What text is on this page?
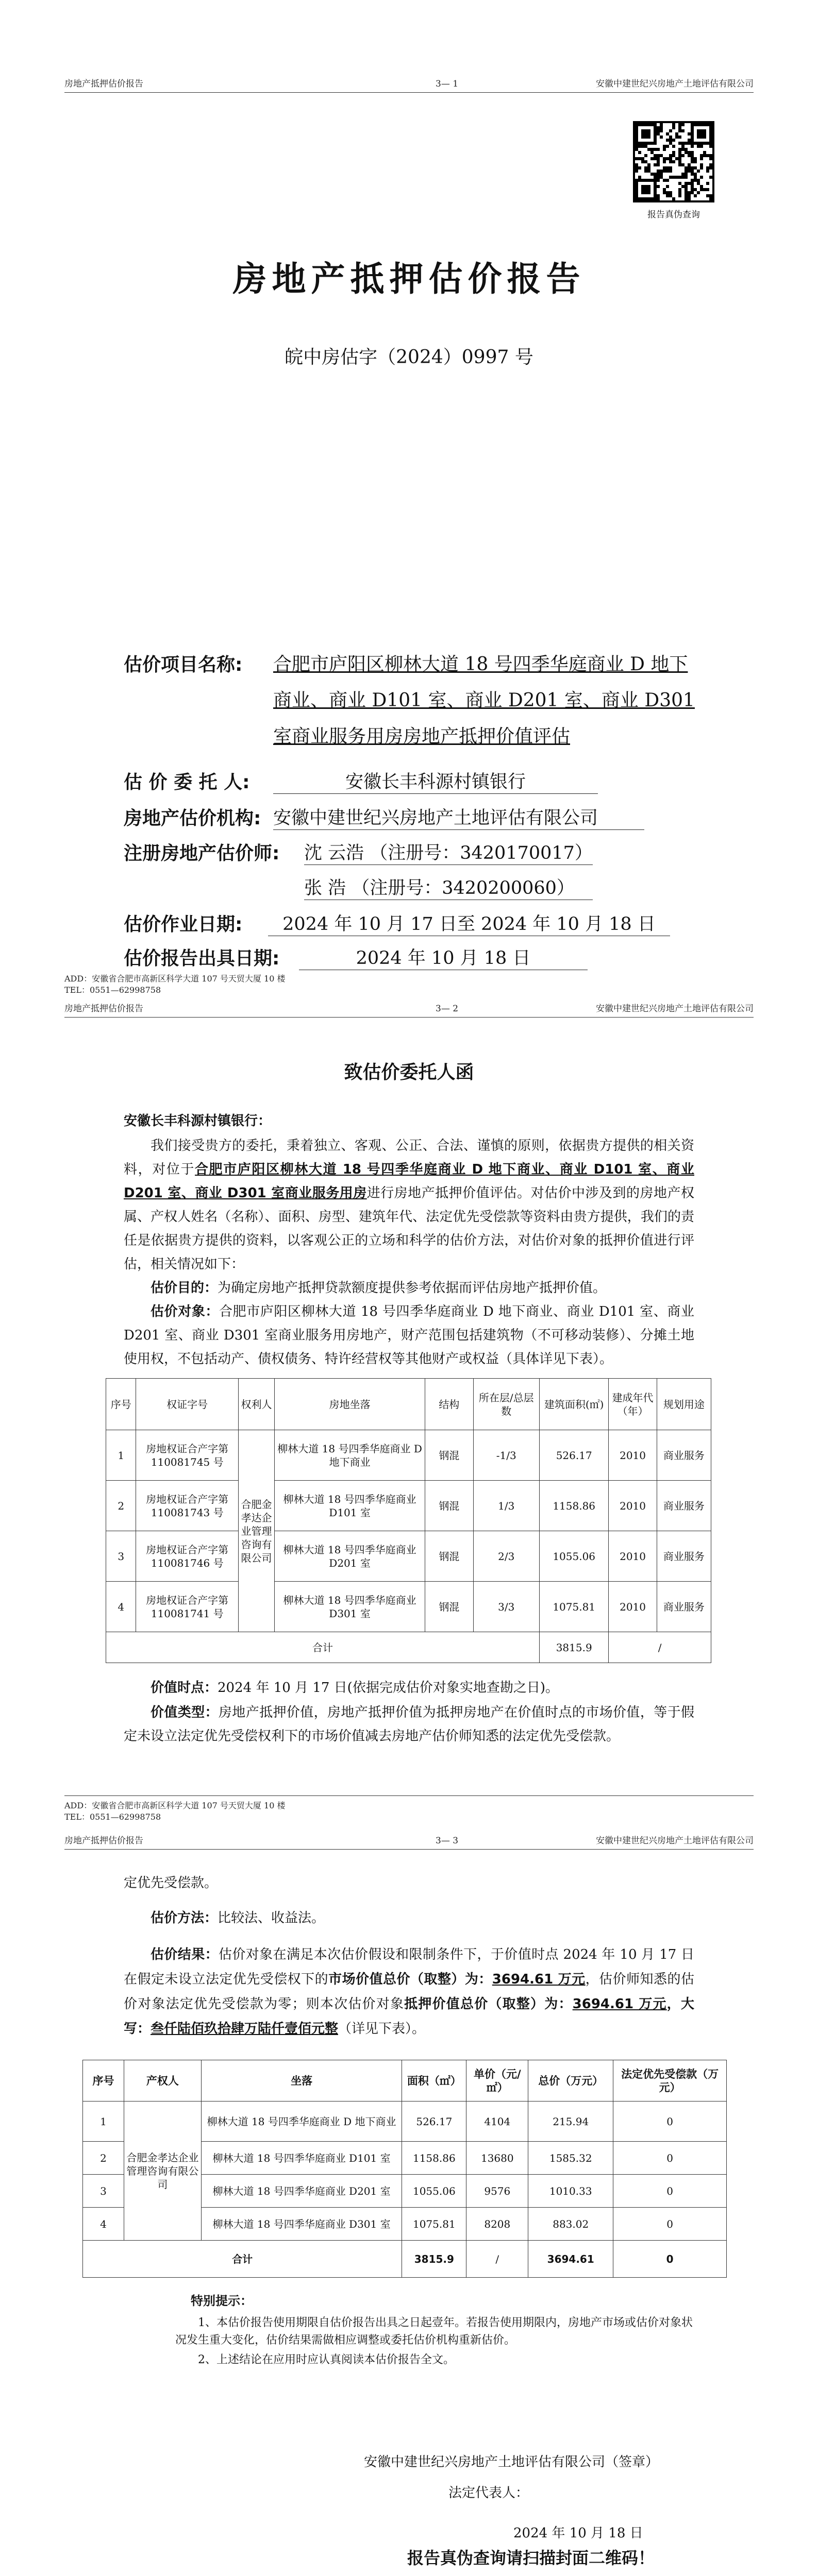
房地产抵押估价报告	3— 1	安徽中建世纪兴房地产土地评估有限公司
报告真伪查询
房地产抵押估价报告
皖中房估字（2024）0997 号
估价项目名称: 合肥市庐阳区柳林大道 18 号四季华庭商业 D 地下商业、商业 D101 室、商业 D201 室、商业 D301 室商业服务用房房地产抵押价值评估
估 价 委 托 人:	安徽长丰科源村镇银行
房地产估价机构: 安徽中建世纪兴房地产土地评估有限公司
注册房地产估价师: 沈 云浩 （注册号：3420170017）
张 浩 （注册号：3420200060）
估价作业日期:	2024 年 10 月 17 日至 2024 年 10 月 18 日
估价报告出具日期:	2024 年 10 月 18 日
ADD：安徽省合肥市高新区科学大道 107 号天贸大厦 10 楼
TEL：0551—62998758
房地产抵押估价报告	3— 2	安徽中建世纪兴房地产土地评估有限公司
致估价委托人函
安徽长丰科源村镇银行：
我们接受贵方的委托，秉着独立、客观、公正、合法、谨慎的原则，依据贵方提供的相关资料，对位于合肥市庐阳区柳林大道 18 号四季华庭商业 D 地下商业、商业 D101 室、商业 D201 室、商业 D301 室商业服务用房进行房地产抵押价值评估。对估价中涉及到的房地产权属、产权人姓名（名称）、面积、房型、建筑年代、法定优先受偿款等资料由贵方提供，我们的责任是依据贵方提供的资料，以客观公正的立场和科学的估价方法，对估价对象的抵押价值进行评估，相关情况如下：
估价目的：为确定房地产抵押贷款额度提供参考依据而评估房地产抵押价值。
估价对象：合肥市庐阳区柳林大道 18 号四季华庭商业 D 地下商业、商业 D101 室、商业 D201 室、商业 D301 室商业服务用房地产，财产范围包括建筑物（不可移动装修）、分摊土地使用权，不包括动产、债权债务、特许经营权等其他财产或权益（具体详见下表）。
序号	权证字号	权利人	房地坐落	结构	所在层/总层数	建筑面积(㎡)	建成年代（年）	规划用途
1	房地权证合产字第 110081745 号	合肥金孝达企业管理咨询有限公司	柳林大道 18 号四季华庭商业 D 地下商业	钢混	-1/3	526.17	2010	商业服务
2	房地权证合产字第 110081743 号		柳林大道 18 号四季华庭商业 D101 室	钢混	1/3	1158.86	2010	商业服务
3	房地权证合产字第 110081746 号		柳林大道 18 号四季华庭商业 D201 室	钢混	2/3	1055.06	2010	商业服务
4	房地权证合产字第 110081741 号		柳林大道 18 号四季华庭商业 D301 室	钢混	3/3	1075.81	2010	商业服务
合计						3815.9	/	
价值时点：2024 年 10 月 17 日(依据完成估价对象实地查勘之日)。
价值类型：房地产抵押价值，房地产抵押价值为抵押房地产在价值时点的市场价值，等于假定未设立法定优先受偿权利下的市场价值减去房地产估价师知悉的法定优先受偿款。
ADD：安徽省合肥市高新区科学大道 107 号天贸大厦 10 楼
TEL：0551—62998758
房地产抵押估价报告	3— 3	安徽中建世纪兴房地产土地评估有限公司
定优先受偿款。
估价方法：比较法、收益法。
估价结果：估价对象在满足本次估价假设和限制条件下，于价值时点 2024 年 10 月 17 日在假定未设立法定优先受偿权下的市场价值总价（取整）为：3694.61 万元，估价师知悉的估价对象法定优先受偿款为零；则本次估价对象抵押价值总价（取整）为：3694.61 万元，大写：叁仟陆佰玖拾肆万陆仟壹佰元整（详见下表）。
序号	产权人	坐落	面积（㎡）	单价（元/㎡）	总价（万元）	法定优先受偿款（万元）
1	合肥金孝达企业管理咨询有限公司	柳林大道 18 号四季华庭商业 D 地下商业	526.17	4104	215.94	0
2		柳林大道 18 号四季华庭商业 D101 室	1158.86	13680	1585.32	0
3		柳林大道 18 号四季华庭商业 D201 室	1055.06	9576	1010.33	0
4		柳林大道 18 号四季华庭商业 D301 室	1075.81	8208	883.02	0
合计			3815.9	/	3694.61	0
特别提示：
1、本估价报告使用期限自估价报告出具之日起壹年。若报告使用期限内，房地产市场或估价对象状况发生重大变化，估价结果需做相应调整或委托估价机构重新估价。
2、上述结论在应用时应认真阅读本估价报告全文。
安徽中建世纪兴房地产土地评估有限公司（签章）
法定代表人：
2024 年 10 月 18 日
报告真伪查询请扫描封面二维码！
